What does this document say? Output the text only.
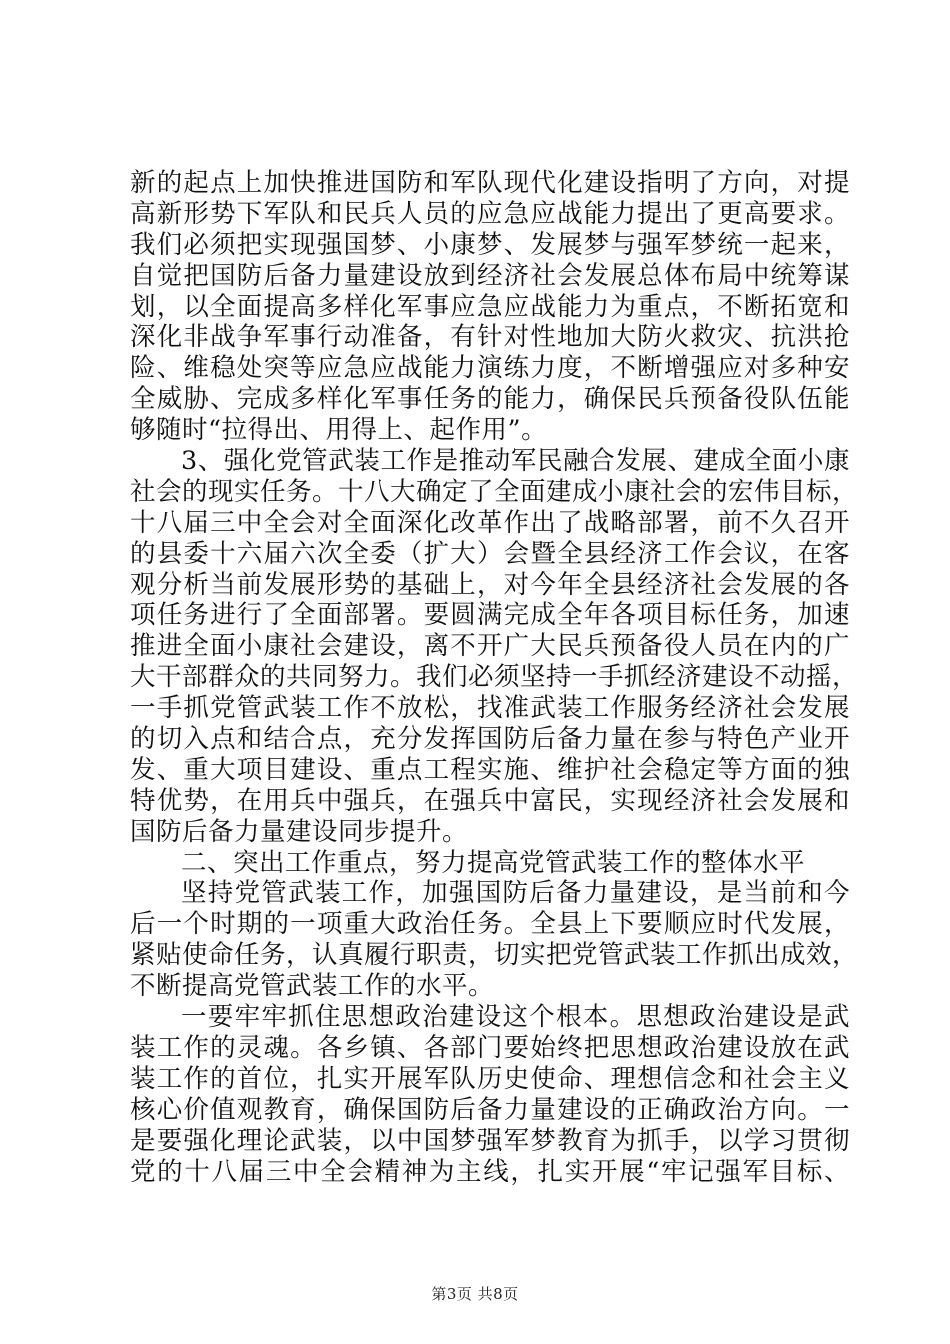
新的起点上加快推进国防和军队现代化建设指明了方向，对提
高新形势下军队和民兵人员的应急应战能力提出了更高要求。
我们必须把实现强国梦、小康梦、发展梦与强军梦统一起来，
自觉把国防后备力量建设放到经济社会发展总体布局中统筹谋
划，以全面提高多样化军事应急应战能力为重点，不断拓宽和
深化非战争军事行动准备，有针对性地加大防火救灾、抗洪抢
险、维稳处突等应急应战能力演练力度，不断增强应对多种安
全威胁、完成多样化军事任务的能力，确保民兵预备役队伍能
够随时“拉得出、用得上、起作用”。
3、强化党管武装工作是推动军民融合发展、建成全面小康
社会的现实任务。十八大确定了全面建成小康社会的宏伟目标，
十八届三中全会对全面深化改革作出了战略部署，前不久召开
的县委十六届六次全委（扩大）会暨全县经济工作会议，在客
观分析当前发展形势的基础上，对今年全县经济社会发展的各
项任务进行了全面部署。要圆满完成全年各项目标任务，加速
推进全面小康社会建设，离不开广大民兵预备役人员在内的广
大干部群众的共同努力。我们必须坚持一手抓经济建设不动摇，
一手抓党管武装工作不放松，找准武装工作服务经济社会发展
的切入点和结合点，充分发挥国防后备力量在参与特色产业开
发、重大项目建设、重点工程实施、维护社会稳定等方面的独
特优势，在用兵中强兵，在强兵中富民，实现经济社会发展和
国防后备力量建设同步提升。
二、突出工作重点，努力提高党管武装工作的整体水平
坚持党管武装工作，加强国防后备力量建设，是当前和今
后一个时期的一项重大政治任务。全县上下要顺应时代发展，
紧贴使命任务，认真履行职责，切实把党管武装工作抓出成效，
不断提高党管武装工作的水平。
一要牢牢抓住思想政治建设这个根本。思想政治建设是武
装工作的灵魂。各乡镇、各部门要始终把思想政治建设放在武
装工作的首位，扎实开展军队历史使命、理想信念和社会主义
核心价值观教育，确保国防后备力量建设的正确政治方向。一
是要强化理论武装，以中国梦强军梦教育为抓手，以学习贯彻
党的十八届三中全会精神为主线，扎实开展“牢记强军目标、
第3页 共8页
